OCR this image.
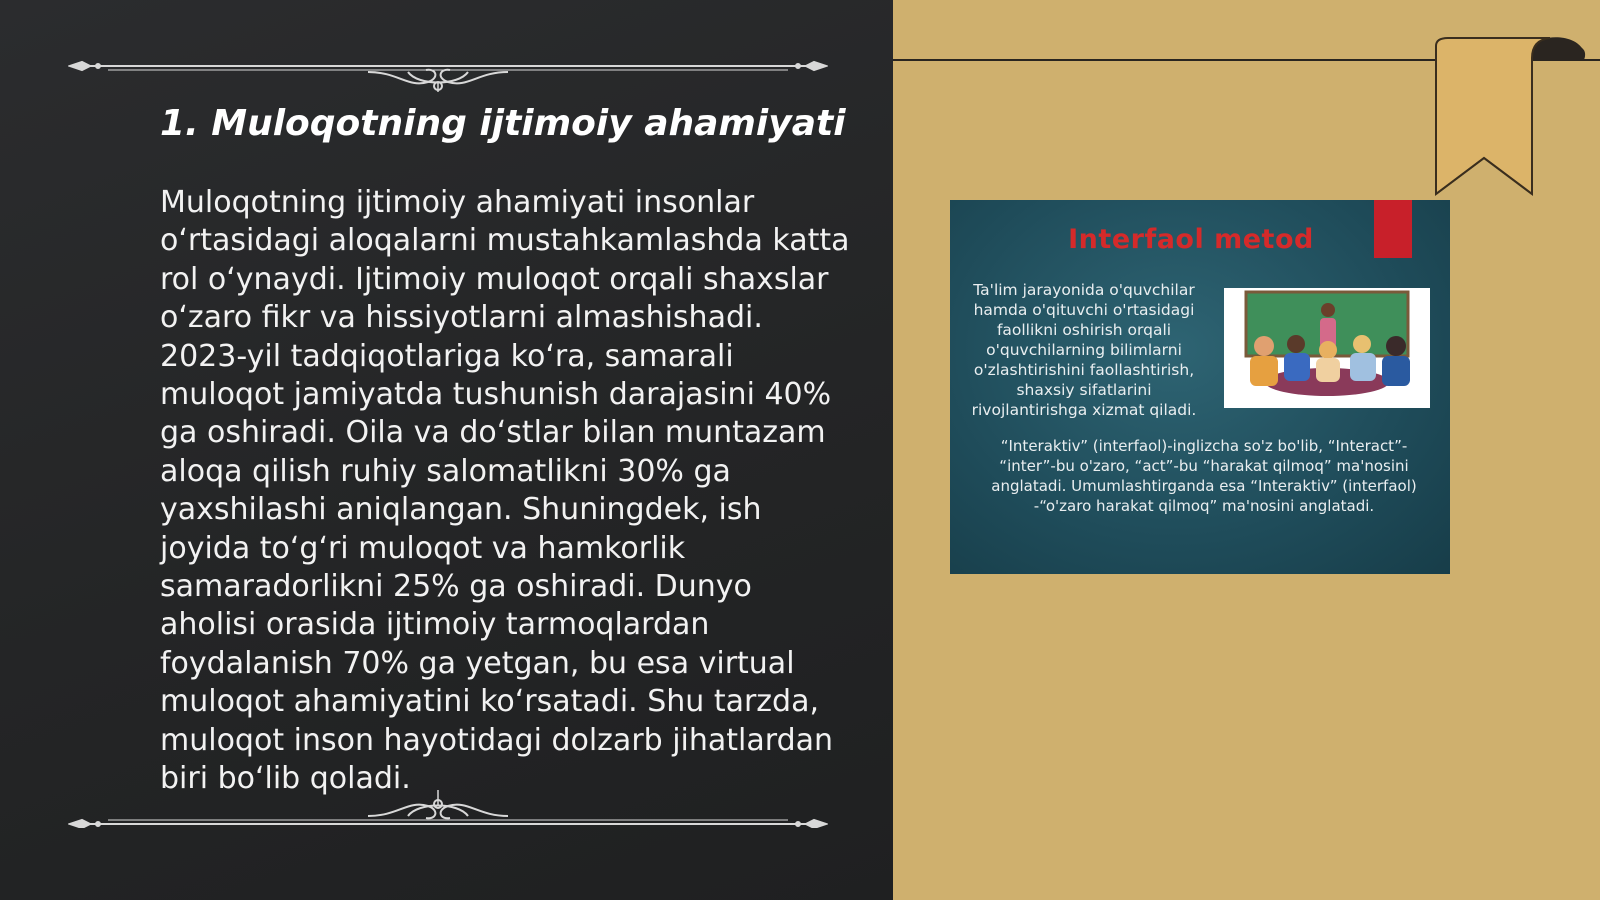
1. Muloqotning ijtimoiy ahamiyati

Muloqotning ijtimoiy ahamiyati insonlar oʻrtasidagi aloqalarni mustahkamlashda katta rol oʻynaydi. Ijtimoiy muloqot orqali shaxslar oʻzaro fikr va hissiyotlarni almashishadi. 2023-yil tadqiqotlariga koʻra, samarali muloqot jamiyatda tushunish darajasini 40% ga oshiradi. Oila va doʻstlar bilan muntazam aloqa qilish ruhiy salomatlikni 30% ga yaxshilashi aniqlangan. Shuningdek, ish joyida toʻgʻri muloqot va hamkorlik samaradorlikni 25% ga oshiradi. Dunyo aholisi orasida ijtimoiy tarmoqlardan foydalanish 70% ga yetgan, bu esa virtual muloqot ahamiyatini koʻrsatadi. Shu tarzda, muloqot inson hayotidagi dolzarb jihatlardan biri boʻlib qoladi.

Interfaol metod
Ta'lim jarayonida o'quvchilar hamda o'qituvchi o'rtasidagi faollikni oshirish orqali o'quvchilarning bilimlarni o'zlashtirishini faollashtirish, shaxsiy sifatlarini rivojlantirishga xizmat qiladi.
“Interaktiv” (interfaol)-inglizcha so'z bo'lib, “Interact”- “inter”-bu o'zaro, “act”-bu “harakat qilmoq” ma'nosini anglatadi. Umumlashtirganda esa “Interaktiv” (interfaol) -“o'zaro harakat qilmoq” ma'nosini anglatadi.
